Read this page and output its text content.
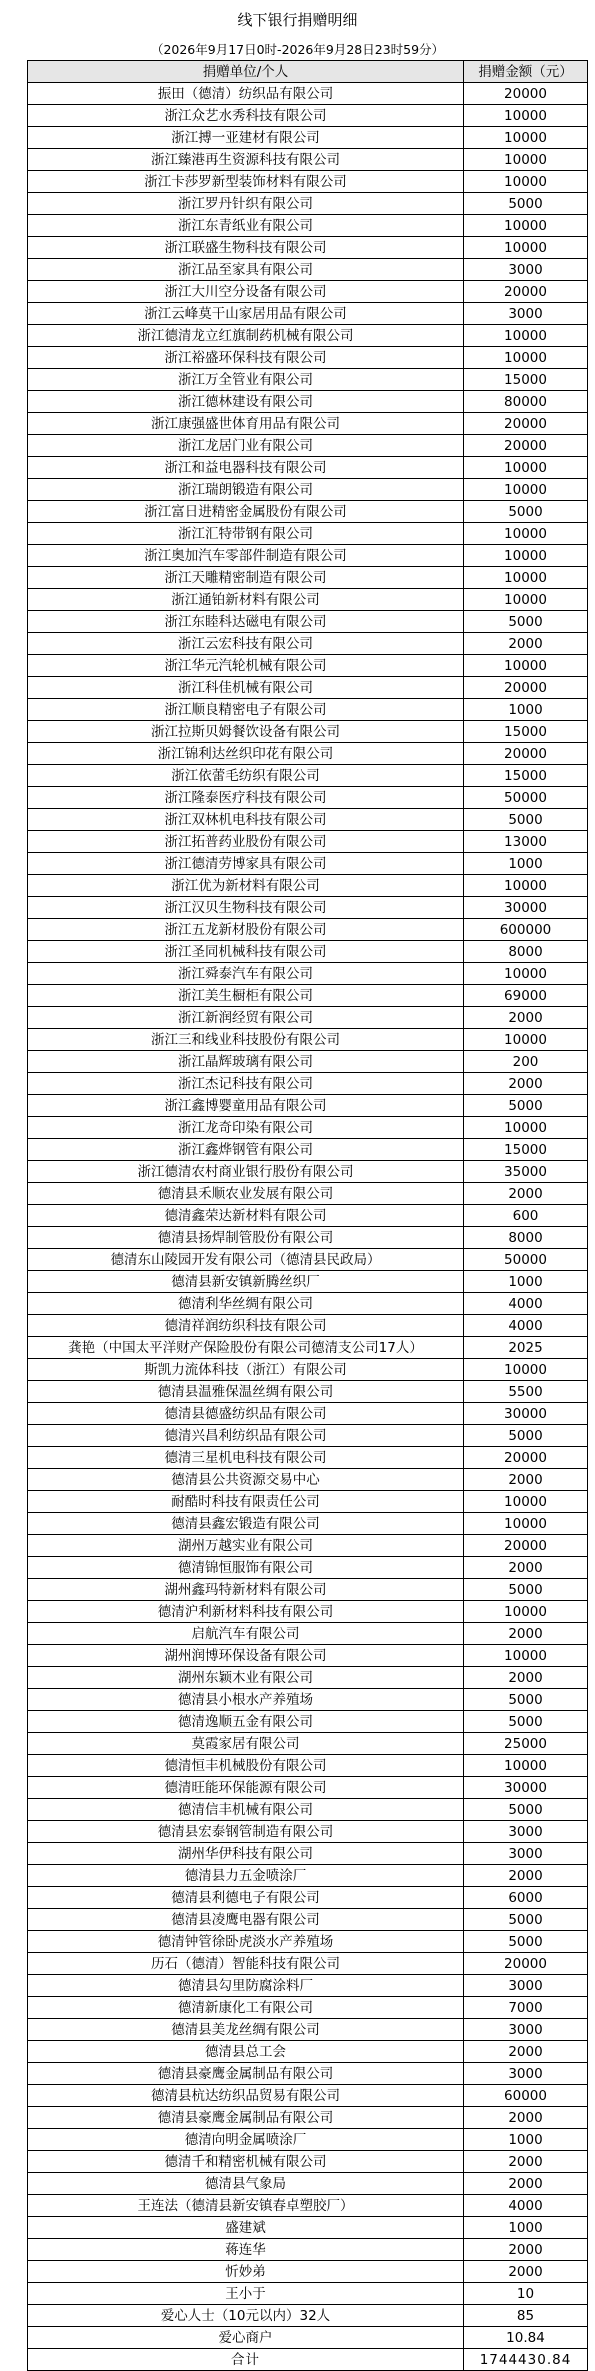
线下银行捐赠明细
（2026年9月17日0时-2026年9月28日23时59分）
捐赠单位/个人	捐赠金额（元）
振田（德清）纺织品有限公司	20000
浙江众艺水秀科技有限公司	10000
浙江搏一亚建材有限公司	10000
浙江臻港再生资源科技有限公司	10000
浙江卡莎罗新型装饰材料有限公司	10000
浙江罗丹针织有限公司	5000
浙江东青纸业有限公司	10000
浙江联盛生物科技有限公司	10000
浙江品至家具有限公司	3000
浙江大川空分设备有限公司	20000
浙江云峰莫干山家居用品有限公司	3000
浙江德清龙立红旗制药机械有限公司	10000
浙江裕盛环保科技有限公司	10000
浙江万全管业有限公司	15000
浙江德林建设有限公司	80000
浙江康强盛世体育用品有限公司	20000
浙江龙居门业有限公司	20000
浙江和益电器科技有限公司	10000
浙江瑞朗锻造有限公司	10000
浙江富日进精密金属股份有限公司	5000
浙江汇特带钢有限公司	10000
浙江奥加汽车零部件制造有限公司	10000
浙江天雕精密制造有限公司	10000
浙江通铂新材料有限公司	10000
浙江东睦科达磁电有限公司	5000
浙江云宏科技有限公司	2000
浙江华元汽轮机械有限公司	10000
浙江科佳机械有限公司	20000
浙江顺良精密电子有限公司	1000
浙江拉斯贝姆餐饮设备有限公司	15000
浙江锦利达丝织印花有限公司	20000
浙江依蕾毛纺织有限公司	15000
浙江隆泰医疗科技有限公司	50000
浙江双林机电科技有限公司	5000
浙江拓普药业股份有限公司	13000
浙江德清劳博家具有限公司	1000
浙江优为新材料有限公司	10000
浙江汉贝生物科技有限公司	30000
浙江五龙新材股份有限公司	600000
浙江圣同机械科技有限公司	8000
浙江舜泰汽车有限公司	10000
浙江美生橱柜有限公司	69000
浙江新润经贸有限公司	2000
浙江三和线业科技股份有限公司	10000
浙江晶辉玻璃有限公司	200
浙江杰记科技有限公司	2000
浙江鑫博婴童用品有限公司	5000
浙江龙奇印染有限公司	10000
浙江鑫烨钢管有限公司	15000
浙江德清农村商业银行股份有限公司	35000
德清县禾顺农业发展有限公司	2000
德清鑫荣达新材料有限公司	600
德清县扬焊制管股份有限公司	8000
德清东山陵园开发有限公司（德清县民政局）	50000
德清县新安镇新腾丝织厂	1000
德清利华丝绸有限公司	4000
德清祥润纺织科技有限公司	4000
龚艳（中国太平洋财产保险股份有限公司德清支公司17人）	2025
斯凯力流体科技（浙江）有限公司	10000
德清县温雅保温丝绸有限公司	5500
德清县德盛纺织品有限公司	30000
德清兴昌利纺织品有限公司	5000
德清三星机电科技有限公司	20000
德清县公共资源交易中心	2000
耐酷时科技有限责任公司	10000
德清县鑫宏锻造有限公司	10000
湖州万越实业有限公司	20000
德清锦恒服饰有限公司	2000
湖州鑫玛特新材料有限公司	5000
德清沪利新材料科技有限公司	10000
启航汽车有限公司	2000
湖州润博环保设备有限公司	10000
湖州东颖木业有限公司	2000
德清县小根水产养殖场	5000
德清逸顺五金有限公司	5000
莫霞家居有限公司	25000
德清恒丰机械股份有限公司	10000
德清旺能环保能源有限公司	30000
德清信丰机械有限公司	5000
德清县宏泰钢管制造有限公司	3000
湖州华伊科技有限公司	3000
德清县力五金喷涂厂	2000
德清县利德电子有限公司	6000
德清县凌鹰电器有限公司	5000
德清钟管徐卧虎淡水产养殖场	5000
历石（德清）智能科技有限公司	20000
德清县勾里防腐涂料厂	3000
德清新康化工有限公司	7000
德清县美龙丝绸有限公司	3000
德清县总工会	2000
德清县豪鹰金属制品有限公司	3000
德清县杭达纺织品贸易有限公司	60000
德清县豪鹰金属制品有限公司	2000
德清向明金属喷涂厂	1000
德清千和精密机械有限公司	2000
德清县气象局	2000
王连法（德清县新安镇春卓塑胶厂）	4000
盛建斌	1000
蒋连华	2000
忻妙弟	2000
王小于	10
爱心人士（10元以内）32人	85
爱心商户	10.84
合计	1744430.84
